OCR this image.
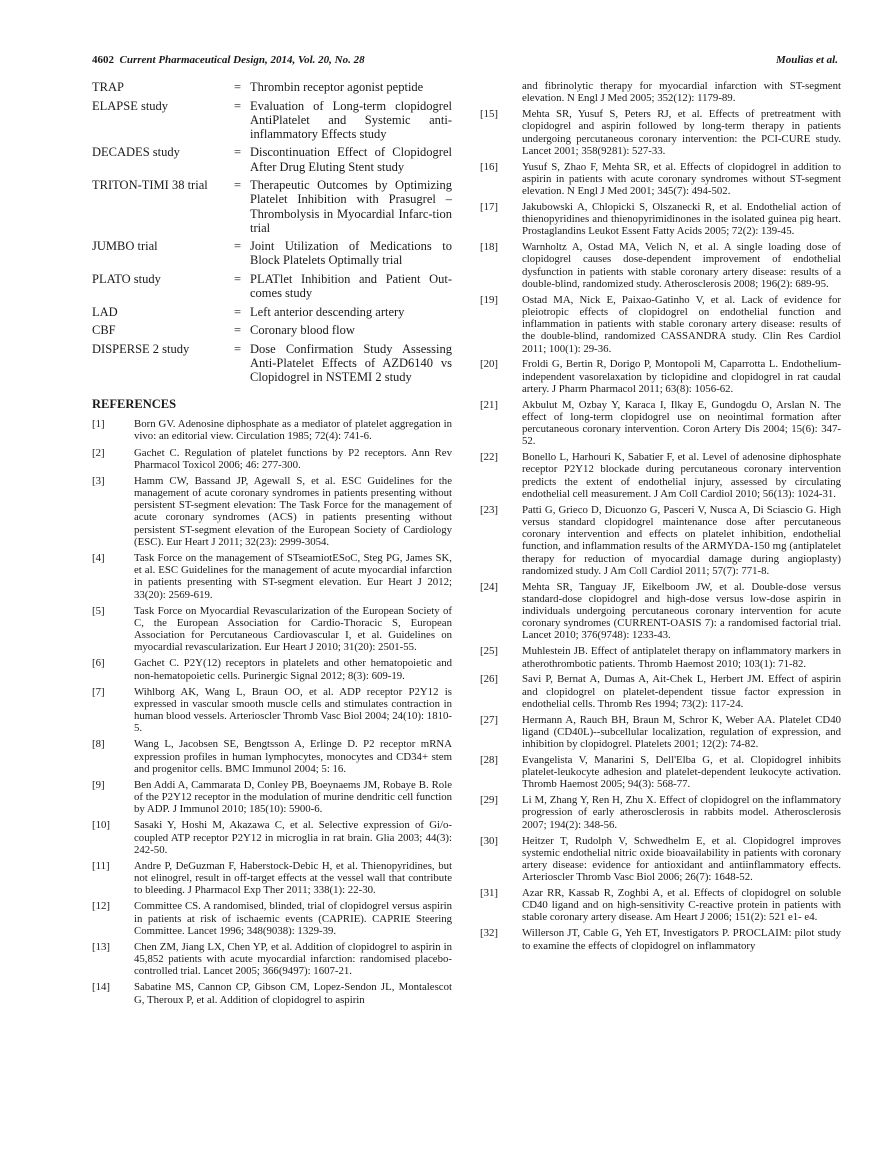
4602 Current Pharmaceutical Design, 2014, Vol. 20, No. 28	Moulias et al.
TRAP	= Thrombin receptor agonist peptide
ELAPSE study	= Evaluation of Long-term clopidogrel AntiPlatelet and Systemic anti-inflammatory Effects study
DECADES study	= Discontinuation Effect of Clopidogrel After Drug Eluting Stent study
TRITON-TIMI 38 trial	= Therapeutic Outcomes by Optimizing Platelet Inhibition with Prasugrel – Thrombolysis in Myocardial Infarc-tion trial
JUMBO trial	= Joint Utilization of Medications to Block Platelets Optimally trial
PLATO study	= PLATlet Inhibition and Patient Out-comes study
LAD	= Left anterior descending artery
CBF	= Coronary blood flow
DISPERSE 2 study	= Dose Confirmation Study Assessing Anti-Platelet Effects of AZD6140 vs Clopidogrel in NSTEMI 2 study
REFERENCES
[1]	Born GV. Adenosine diphosphate as a mediator of platelet aggregation in vivo: an editorial view. Circulation 1985; 72(4): 741-6.
[2]	Gachet C. Regulation of platelet functions by P2 receptors. Ann Rev Pharmacol Toxicol 2006; 46: 277-300.
[3]	Hamm CW, Bassand JP, Agewall S, et al. ESC Guidelines for the management of acute coronary syndromes in patients presenting without persistent ST-segment elevation: The Task Force for the management of acute coronary syndromes (ACS) in patients presenting without persistent ST-segment elevation of the European Society of Cardiology (ESC). Eur Heart J 2011; 32(23): 2999-3054.
[4]	Task Force on the management of STseamiotESoC, Steg PG, James SK, et al. ESC Guidelines for the management of acute myocardial infarction in patients presenting with ST-segment elevation. Eur Heart J 2012; 33(20): 2569-619.
[5]	Task Force on Myocardial Revascularization of the European Society of C, the European Association for Cardio-Thoracic S, European Association for Percutaneous Cardiovascular I, et al. Guidelines on myocardial revascularization. Eur Heart J 2010; 31(20): 2501-55.
[6]	Gachet C. P2Y(12) receptors in platelets and other hematopoietic and non-hematopoietic cells. Purinergic Signal 2012; 8(3): 609-19.
[7]	Wihlborg AK, Wang L, Braun OO, et al. ADP receptor P2Y12 is expressed in vascular smooth muscle cells and stimulates contraction in human blood vessels. Arterioscler Thromb Vasc Biol 2004; 24(10): 1810-5.
[8]	Wang L, Jacobsen SE, Bengtsson A, Erlinge D. P2 receptor mRNA expression profiles in human lymphocytes, monocytes and CD34+ stem and progenitor cells. BMC Immunol 2004; 5: 16.
[9]	Ben Addi A, Cammarata D, Conley PB, Boeynaems JM, Robaye B. Role of the P2Y12 receptor in the modulation of murine dendritic cell function by ADP. J Immunol 2010; 185(10): 5900-6.
[10]	Sasaki Y, Hoshi M, Akazawa C, et al. Selective expression of Gi/o-coupled ATP receptor P2Y12 in microglia in rat brain. Glia 2003; 44(3): 242-50.
[11]	Andre P, DeGuzman F, Haberstock-Debic H, et al. Thienopyridines, but not elinogrel, result in off-target effects at the vessel wall that contribute to bleeding. J Pharmacol Exp Ther 2011; 338(1): 22-30.
[12]	Committee CS. A randomised, blinded, trial of clopidogrel versus aspirin in patients at risk of ischaemic events (CAPRIE). CAPRIE Steering Committee. Lancet 1996; 348(9038): 1329-39.
[13]	Chen ZM, Jiang LX, Chen YP, et al. Addition of clopidogrel to aspirin in 45,852 patients with acute myocardial infarction: randomised placebo-controlled trial. Lancet 2005; 366(9497): 1607-21.
[14]	Sabatine MS, Cannon CP, Gibson CM, Lopez-Sendon JL, Montalescot G, Theroux P, et al. Addition of clopidogrel to aspirin
and fibrinolytic therapy for myocardial infarction with ST-segment elevation. N Engl J Med 2005; 352(12): 1179-89.
[15]	Mehta SR, Yusuf S, Peters RJ, et al. Effects of pretreatment with clopidogrel and aspirin followed by long-term therapy in patients undergoing percutaneous coronary intervention: the PCI-CURE study. Lancet 2001; 358(9281): 527-33.
[16]	Yusuf S, Zhao F, Mehta SR, et al. Effects of clopidogrel in addition to aspirin in patients with acute coronary syndromes without ST-segment elevation. N Engl J Med 2001; 345(7): 494-502.
[17]	Jakubowski A, Chlopicki S, Olszanecki R, et al. Endothelial action of thienopyridines and thienopyrimidinones in the isolated guinea pig heart. Prostaglandins Leukot Essent Fatty Acids 2005; 72(2): 139-45.
[18]	Warnholtz A, Ostad MA, Velich N, et al. A single loading dose of clopidogrel causes dose-dependent improvement of endothelial dysfunction in patients with stable coronary artery disease: results of a double-blind, randomized study. Atherosclerosis 2008; 196(2): 689-95.
[19]	Ostad MA, Nick E, Paixao-Gatinho V, et al. Lack of evidence for pleiotropic effects of clopidogrel on endothelial function and inflammation in patients with stable coronary artery disease: results of the double-blind, randomized CASSANDRA study. Clin Res Cardiol 2011; 100(1): 29-36.
[20]	Froldi G, Bertin R, Dorigo P, Montopoli M, Caparrotta L. Endothelium-independent vasorelaxation by ticlopidine and clopidogrel in rat caudal artery. J Pharm Pharmacol 2011; 63(8): 1056-62.
[21]	Akbulut M, Ozbay Y, Karaca I, Ilkay E, Gundogdu O, Arslan N. The effect of long-term clopidogrel use on neointimal formation after percutaneous coronary intervention. Coron Artery Dis 2004; 15(6): 347-52.
[22]	Bonello L, Harhouri K, Sabatier F, et al. Level of adenosine diphosphate receptor P2Y12 blockade during percutaneous coronary intervention predicts the extent of endothelial injury, assessed by circulating endothelial cell measurement. J Am Coll Cardiol 2010; 56(13): 1024-31.
[23]	Patti G, Grieco D, Dicuonzo G, Pasceri V, Nusca A, Di Sciascio G. High versus standard clopidogrel maintenance dose after percutaneous coronary intervention and effects on platelet inhibition, endothelial function, and inflammation results of the ARMYDA-150 mg (antiplatelet therapy for reduction of myocardial damage during angioplasty) randomized study. J Am Coll Cardiol 2011; 57(7): 771-8.
[24]	Mehta SR, Tanguay JF, Eikelboom JW, et al. Double-dose versus standard-dose clopidogrel and high-dose versus low-dose aspirin in individuals undergoing percutaneous coronary intervention for acute coronary syndromes (CURRENT-OASIS 7): a randomised factorial trial. Lancet 2010; 376(9748): 1233-43.
[25]	Muhlestein JB. Effect of antiplatelet therapy on inflammatory markers in atherothrombotic patients. Thromb Haemost 2010; 103(1): 71-82.
[26]	Savi P, Bernat A, Dumas A, Ait-Chek L, Herbert JM. Effect of aspirin and clopidogrel on platelet-dependent tissue factor expression in endothelial cells. Thromb Res 1994; 73(2): 117-24.
[27]	Hermann A, Rauch BH, Braun M, Schror K, Weber AA. Platelet CD40 ligand (CD40L)--subcellular localization, regulation of expression, and inhibition by clopidogrel. Platelets 2001; 12(2): 74-82.
[28]	Evangelista V, Manarini S, Dell'Elba G, et al. Clopidogrel inhibits platelet-leukocyte adhesion and platelet-dependent leukocyte activation. Thromb Haemost 2005; 94(3): 568-77.
[29]	Li M, Zhang Y, Ren H, Zhu X. Effect of clopidogrel on the inflammatory progression of early atherosclerosis in rabbits model. Atherosclerosis 2007; 194(2): 348-56.
[30]	Heitzer T, Rudolph V, Schwedhelm E, et al. Clopidogrel improves systemic endothelial nitric oxide bioavailability in patients with coronary artery disease: evidence for antioxidant and antiinflammatory effects. Arterioscler Thromb Vasc Biol 2006; 26(7): 1648-52.
[31]	Azar RR, Kassab R, Zoghbi A, et al. Effects of clopidogrel on soluble CD40 ligand and on high-sensitivity C-reactive protein in patients with stable coronary artery disease. Am Heart J 2006; 151(2): 521 e1- e4.
[32]	Willerson JT, Cable G, Yeh ET, Investigators P. PROCLAIM: pilot study to examine the effects of clopidogrel on inflammatory
